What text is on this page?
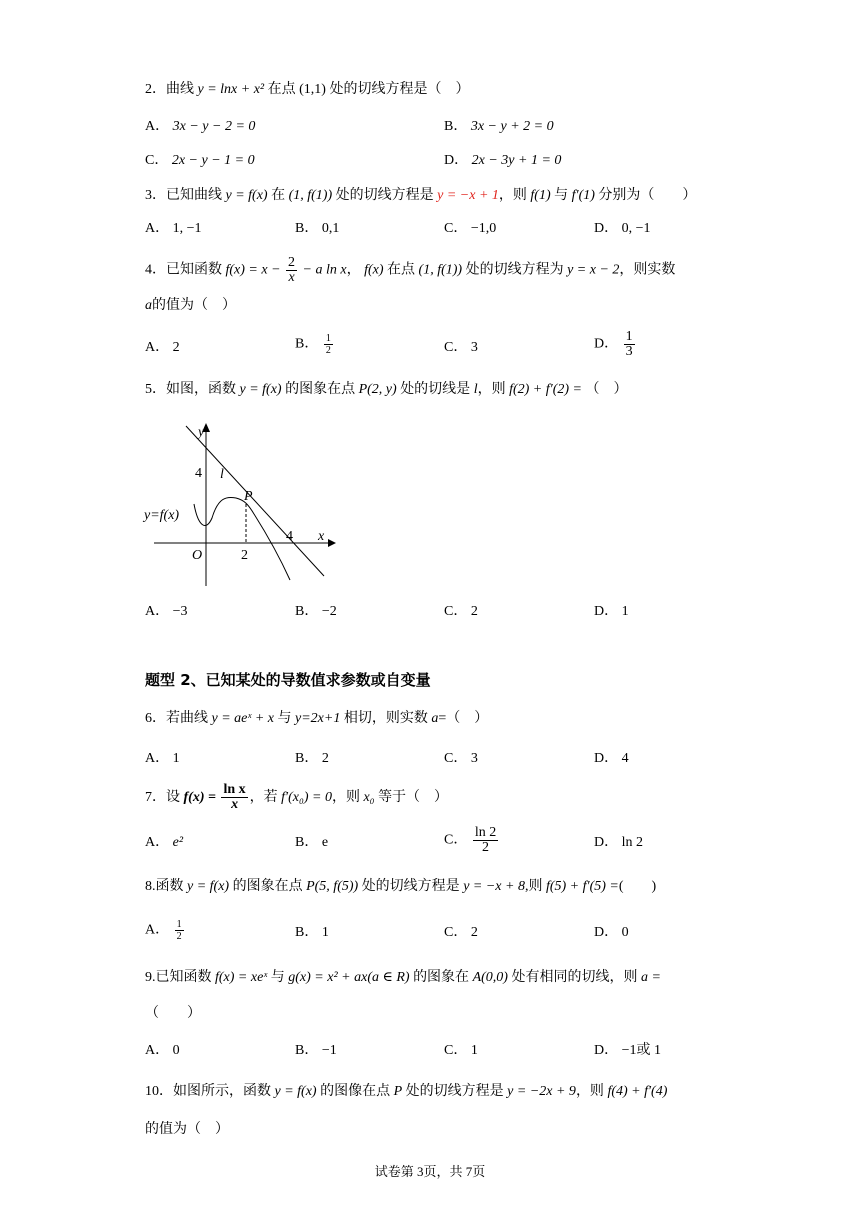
2．曲线 y = lnx + x² 在点 (1,1) 处的切线方程是（　）
A． 3x − y − 2 = 0	B． 3x − y + 2 = 0
C． 2x − y − 1 = 0	D． 2x − 3y + 1 = 0
3．已知曲线 y = f(x) 在 (1, f(1)) 处的切线方程是 y = −x + 1，则 f(1) 与 f′(1) 分别为（　　）
A． 1, −1	B． 0,1	C． −1,0	D． 0, −1
4．已知函数 $f(x) = x - \frac{2}{x} - a$ ln x， f(x) 在点 (1, f(1)) 处的切线方程为 y = x − 2，则实数
a的值为（　）
A． 2	B． $\frac{1}{2}$	C． 3	D． $\frac{1}{3}$
5．如图，函数 y = f(x) 的图象在点 P(2, y) 处的切线是 l，则 f(2) + f′(2) = （　）
y
x
O
4
2
4
l
P
y=f(x)
A． −3	B． −2	C． 2	D． 1
题型 2、已知某处的导数值求参数或自变量
6．若曲线 y = aeˣ + x 与 y=2x+1 相切，则实数 a=（　）
A． 1	B． 2	C． 3	D． 4
7．设 $f(x) = \frac{\text{ln x}}{x}$ ，若 f′(x₀) = 0，则 x₀ 等于（　）
A． e²	B． e	C． $\frac{\ln 2}{2}$	D． ln 2
8.函数 y = f(x) 的图象在点 P(5, f(5)) 处的切线方程是 y = −x + 8,则 f(5) + f′(5) =(　　)
A． $\frac{1}{2}$	B． 1	C． 2	D． 0
9.已知函数 f(x) = xeˣ 与 g(x) = x² + ax(a ∈ R) 的图象在 A(0,0) 处有相同的切线，则 a =
（　　）
A． 0	B． −1	C． 1	D． −1或 1
10．如图所示，函数 y = f(x) 的图像在点 P 处的切线方程是 y = −2x + 9，则 f(4) + f′(4)
的值为（　）
试卷第 3页，共 7页
